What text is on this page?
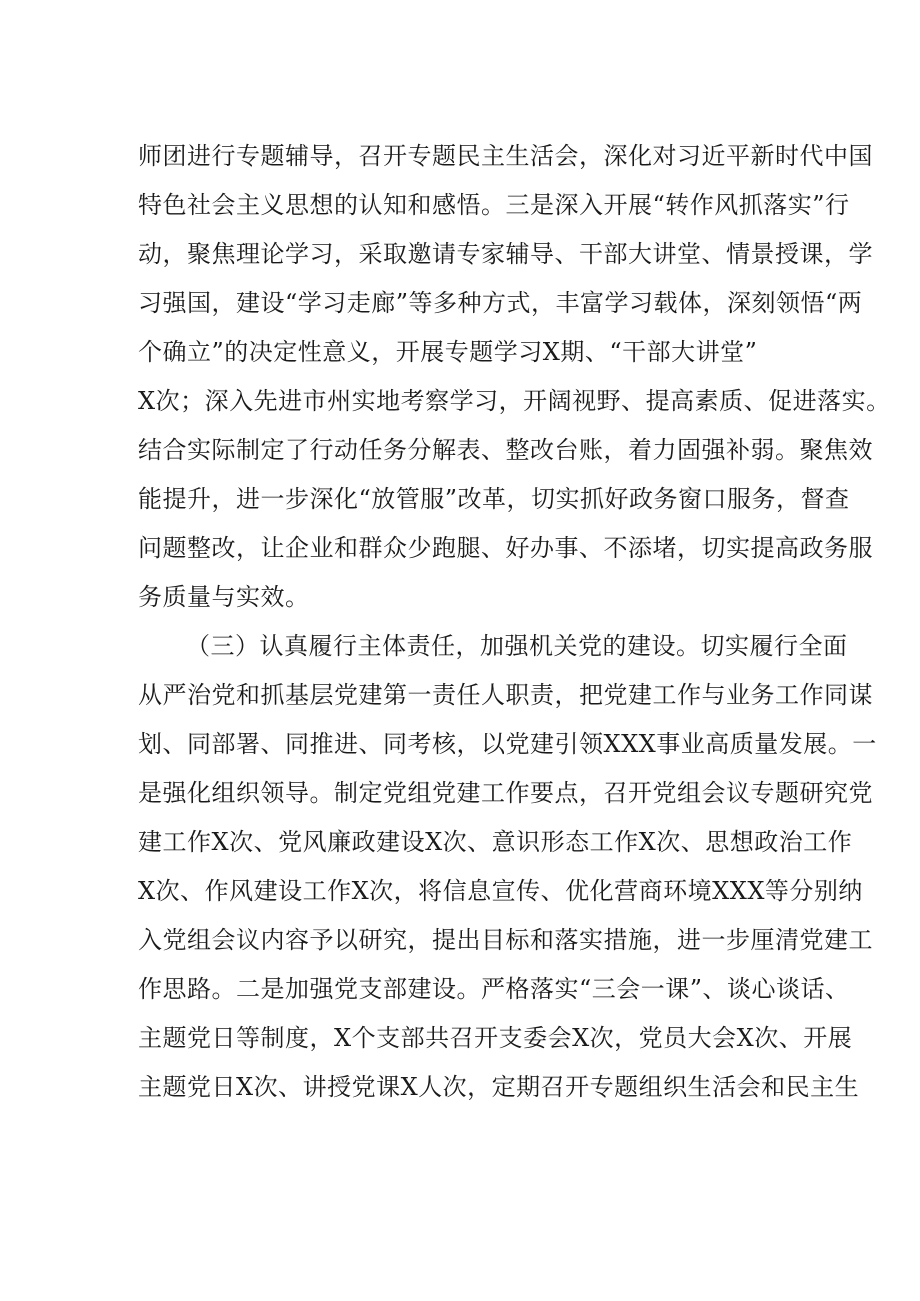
师团进行专题辅导，召开专题民主生活会，深化对习近平新时代中国
特色社会主义思想的认知和感悟。三是深入开展“转作风抓落实”行
动，聚焦理论学习，采取邀请专家辅导、干部大讲堂、情景授课，学
习强国，建设“学习走廊”等多种方式，丰富学习载体，深刻领悟“两
个确立”的决定性意义，开展专题学习X期、“干部大讲堂”
X次；深入先进市州实地考察学习，开阔视野、提高素质、促进落实。
结合实际制定了行动任务分解表、整改台账，着力固强补弱。聚焦效
能提升，进一步深化“放管服”改革，切实抓好政务窗口服务，督查
问题整改，让企业和群众少跑腿、好办事、不添堵，切实提高政务服
务质量与实效。
（三）认真履行主体责任，加强机关党的建设。切实履行全面
从严治党和抓基层党建第一责任人职责，把党建工作与业务工作同谋
划、同部署、同推进、同考核，以党建引领XXX事业高质量发展。一
是强化组织领导。制定党组党建工作要点，召开党组会议专题研究党
建工作X次、党风廉政建设X次、意识形态工作X次、思想政治工作
X次、作风建设工作X次，将信息宣传、优化营商环境XXX等分别纳
入党组会议内容予以研究，提出目标和落实措施，进一步厘清党建工
作思路。二是加强党支部建设。严格落实“三会一课”、谈心谈话、
主题党日等制度，X个支部共召开支委会X次，党员大会X次、开展
主题党日X次、讲授党课X人次，定期召开专题组织生活会和民主生
